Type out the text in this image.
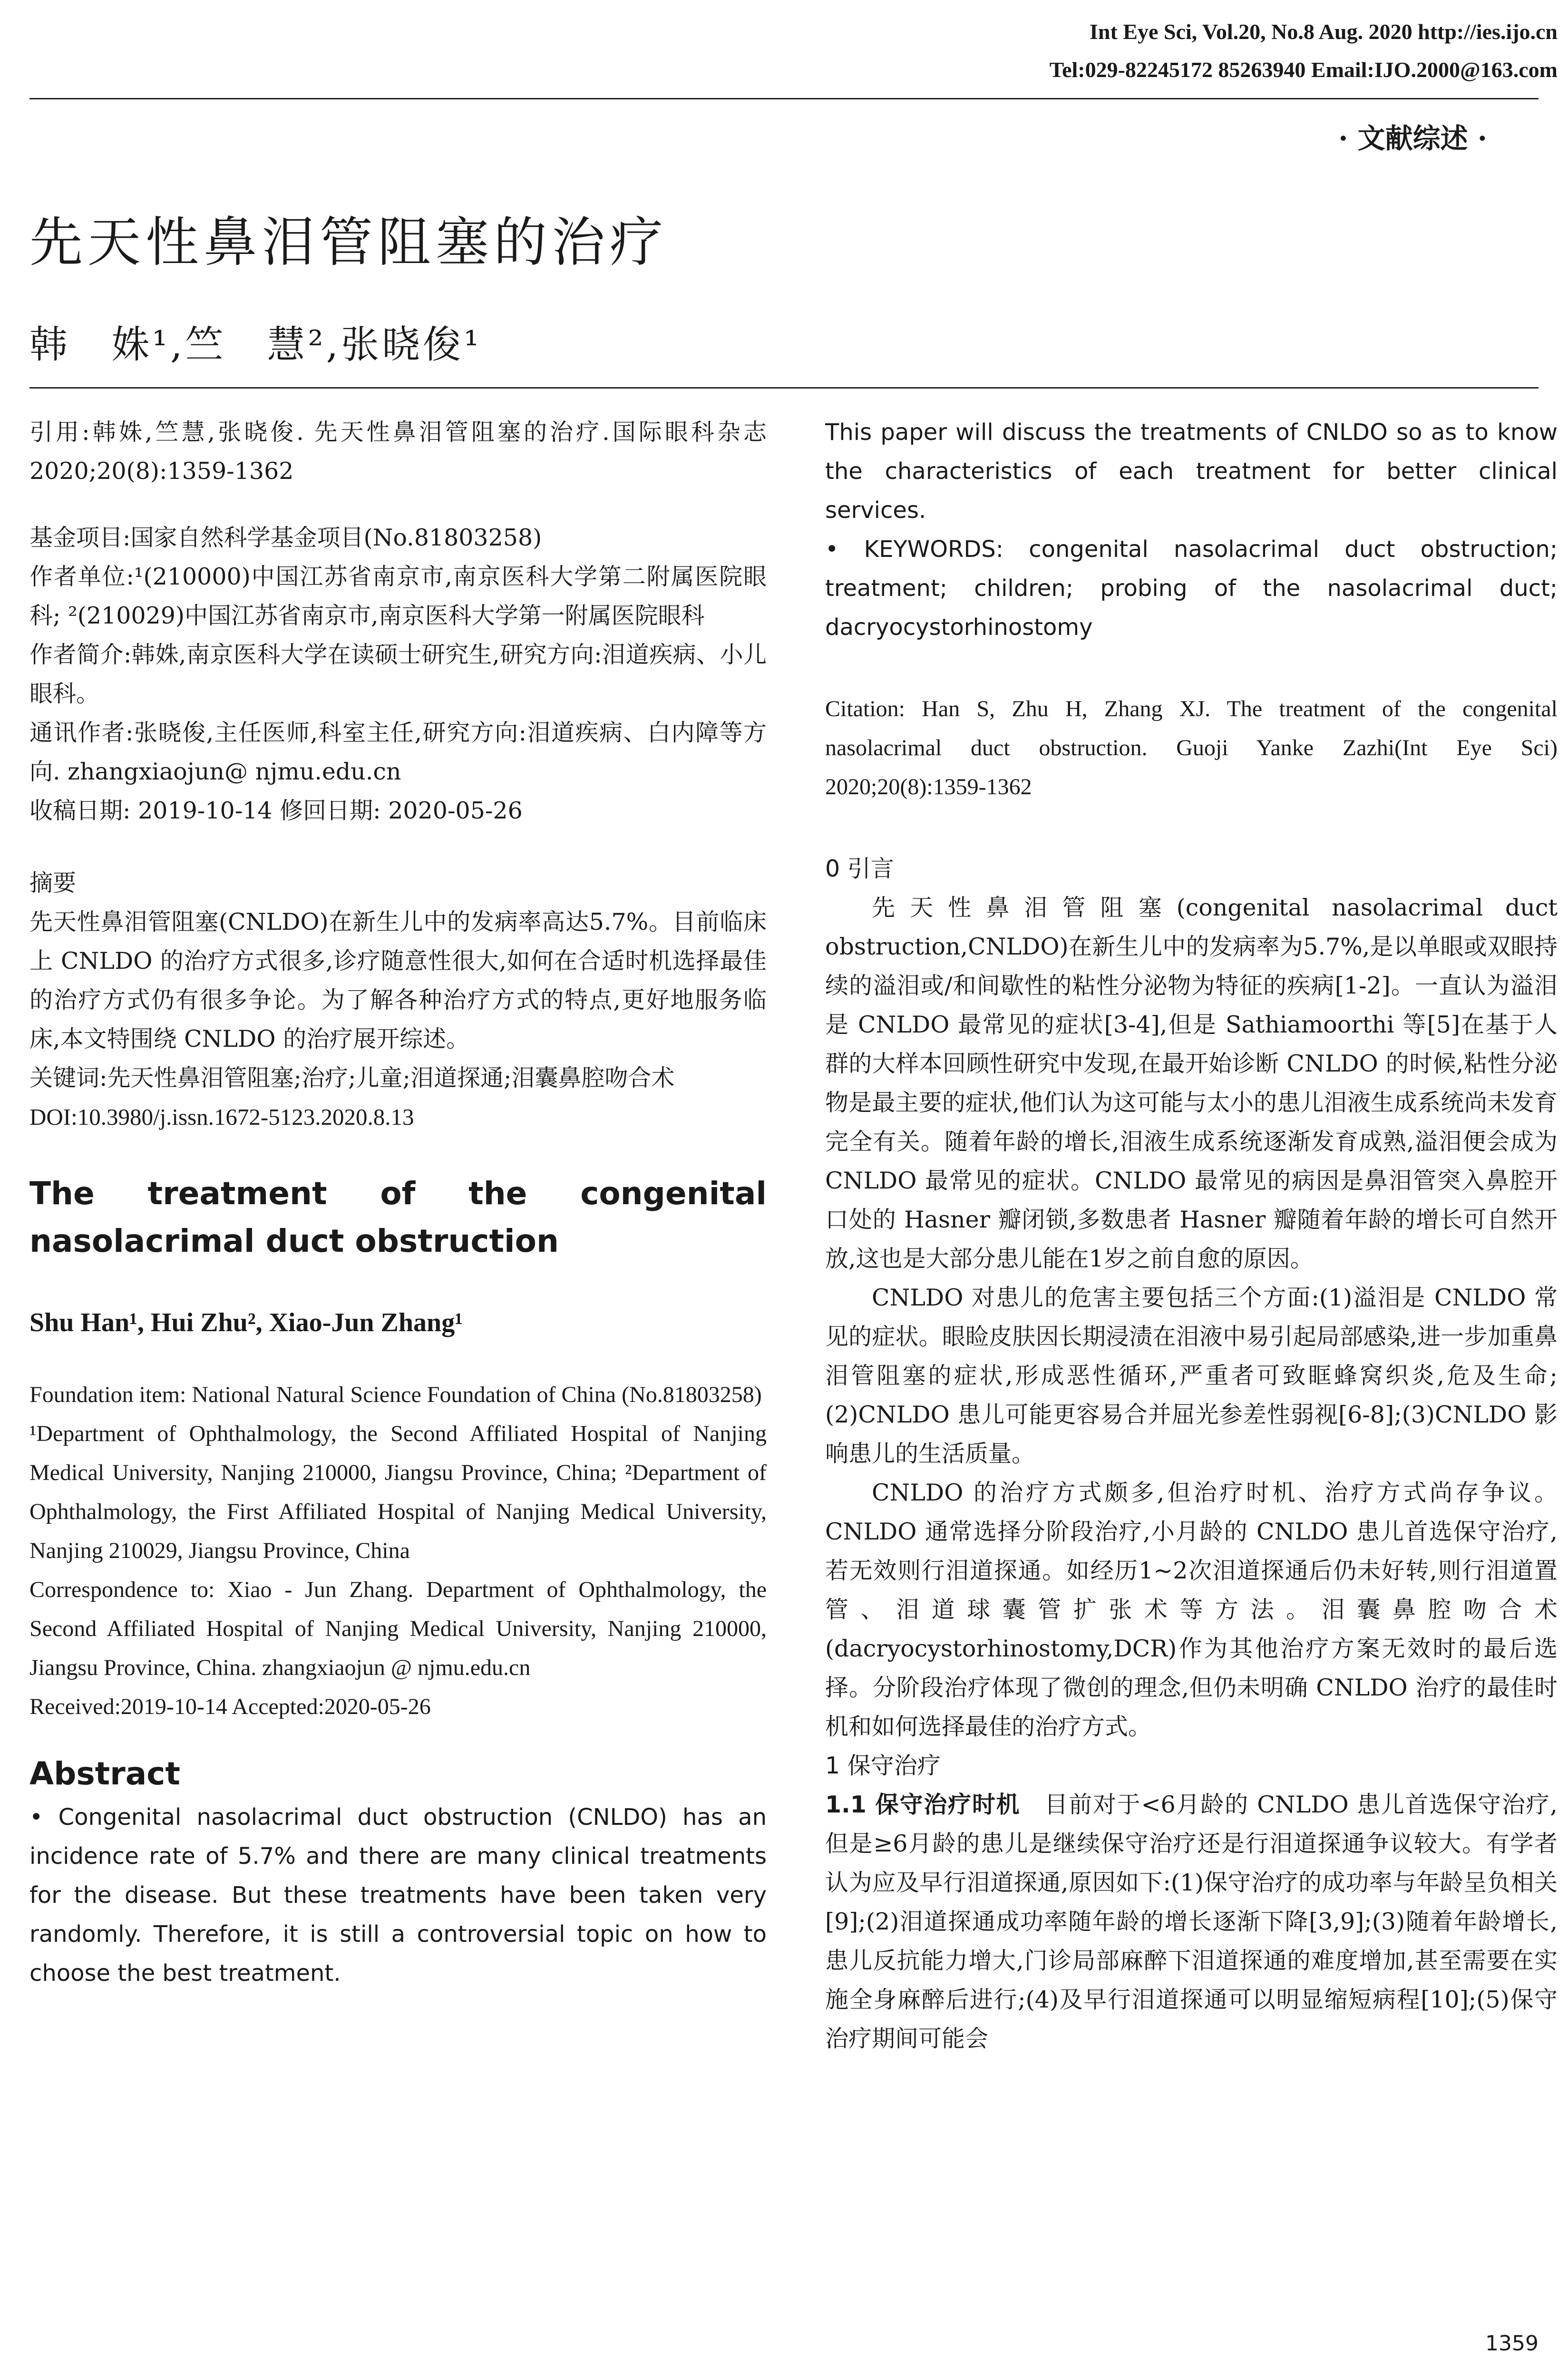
Int Eye Sci, Vol.20, No.8 Aug. 2020 http://ies.ijo.cn
Tel:029-82245172 85263940 Email:IJO.2000@163.com
· 文献综述 ·
先天性鼻泪管阻塞的治疗
韩　姝¹,竺　慧²,张晓俊¹

引用:韩姝,竺慧,张晓俊. 先天性鼻泪管阻塞的治疗.国际眼科杂志 2020;20(8):1359-1362

基金项目:国家自然科学基金项目(No.81803258)

作者单位:¹(210000)中国江苏省南京市,南京医科大学第二附属医院眼科; ²(210029)中国江苏省南京市,南京医科大学第一附属医院眼科

作者简介:韩姝,南京医科大学在读硕士研究生,研究方向:泪道疾病、小儿眼科。

通讯作者:张晓俊,主任医师,科室主任,研究方向:泪道疾病、白内障等方向. zhangxiaojun@ njmu.edu.cn

收稿日期: 2019-10-14 修回日期: 2020-05-26

摘要

先天性鼻泪管阻塞(CNLDO)在新生儿中的发病率高达5.7%。目前临床上 CNLDO 的治疗方式很多,诊疗随意性很大,如何在合适时机选择最佳的治疗方式仍有很多争论。为了解各种治疗方式的特点,更好地服务临床,本文特围绕 CNLDO 的治疗展开综述。

关键词:先天性鼻泪管阻塞;治疗;儿童;泪道探通;泪囊鼻腔吻合术

DOI:10.3980/j.issn.1672-5123.2020.8.13

The treatment of the congenital nasolacrimal duct obstruction

Shu Han¹, Hui Zhu², Xiao-Jun Zhang¹

Foundation item: National Natural Science Foundation of China (No.81803258)

¹Department of Ophthalmology, the Second Affiliated Hospital of Nanjing Medical University, Nanjing 210000, Jiangsu Province, China; ²Department of Ophthalmology, the First Affiliated Hospital of Nanjing Medical University, Nanjing 210029, Jiangsu Province, China

Correspondence to: Xiao - Jun Zhang. Department of Ophthalmology, the Second Affiliated Hospital of Nanjing Medical University, Nanjing 210000, Jiangsu Province, China. zhangxiaojun @ njmu.edu.cn

Received:2019-10-14 Accepted:2020-05-26

Abstract

• Congenital nasolacrimal duct obstruction (CNLDO) has an incidence rate of 5.7% and there are many clinical treatments for the disease. But these treatments have been taken very randomly. Therefore, it is still a controversial topic on how to choose the best treatment.

This paper will discuss the treatments of CNLDO so as to know the characteristics of each treatment for better clinical services.

• KEYWORDS: congenital nasolacrimal duct obstruction; treatment; children; probing of the nasolacrimal duct; dacryocystorhinostomy

Citation: Han S, Zhu H, Zhang XJ. The treatment of the congenital nasolacrimal duct obstruction. Guoji Yanke Zazhi(Int Eye Sci) 2020;20(8):1359-1362

0 引言

先天性鼻泪管阻塞(congenital nasolacrimal duct obstruction,CNLDO)在新生儿中的发病率为5.7%,是以单眼或双眼持续的溢泪或/和间歇性的粘性分泌物为特征的疾病[1-2]。一直认为溢泪是 CNLDO 最常见的症状[3-4],但是 Sathiamoorthi 等[5]在基于人群的大样本回顾性研究中发现,在最开始诊断 CNLDO 的时候,粘性分泌物是最主要的症状,他们认为这可能与太小的患儿泪液生成系统尚未发育完全有关。随着年龄的增长,泪液生成系统逐渐发育成熟,溢泪便会成为 CNLDO 最常见的症状。CNLDO 最常见的病因是鼻泪管突入鼻腔开口处的 Hasner 瓣闭锁,多数患者 Hasner 瓣随着年龄的增长可自然开放,这也是大部分患儿能在1岁之前自愈的原因。

CNLDO 对患儿的危害主要包括三个方面:(1)溢泪是 CNLDO 常见的症状。眼睑皮肤因长期浸渍在泪液中易引起局部感染,进一步加重鼻泪管阻塞的症状,形成恶性循环,严重者可致眶蜂窝织炎,危及生命;(2)CNLDO 患儿可能更容易合并屈光参差性弱视[6-8];(3)CNLDO 影响患儿的生活质量。

CNLDO 的治疗方式颇多,但治疗时机、治疗方式尚存争议。CNLDO 通常选择分阶段治疗,小月龄的 CNLDO 患儿首选保守治疗,若无效则行泪道探通。如经历1~2次泪道探通后仍未好转,则行泪道置管、泪道球囊管扩张术等方法。泪囊鼻腔吻合术(dacryocystorhinostomy,DCR)作为其他治疗方案无效时的最后选择。分阶段治疗体现了微创的理念,但仍未明确 CNLDO 治疗的最佳时机和如何选择最佳的治疗方式。

1 保守治疗

1.1 保守治疗时机　 目前对于<6月龄的 CNLDO 患儿首选保守治疗,但是≥6月龄的患儿是继续保守治疗还是行泪道探通争议较大。有学者认为应及早行泪道探通,原因如下:(1)保守治疗的成功率与年龄呈负相关[9];(2)泪道探通成功率随年龄的增长逐渐下降[3,9];(3)随着年龄增长,患儿反抗能力增大,门诊局部麻醉下泪道探通的难度增加,甚至需要在实施全身麻醉后进行;(4)及早行泪道探通可以明显缩短病程[10];(5)保守治疗期间可能会

1359
